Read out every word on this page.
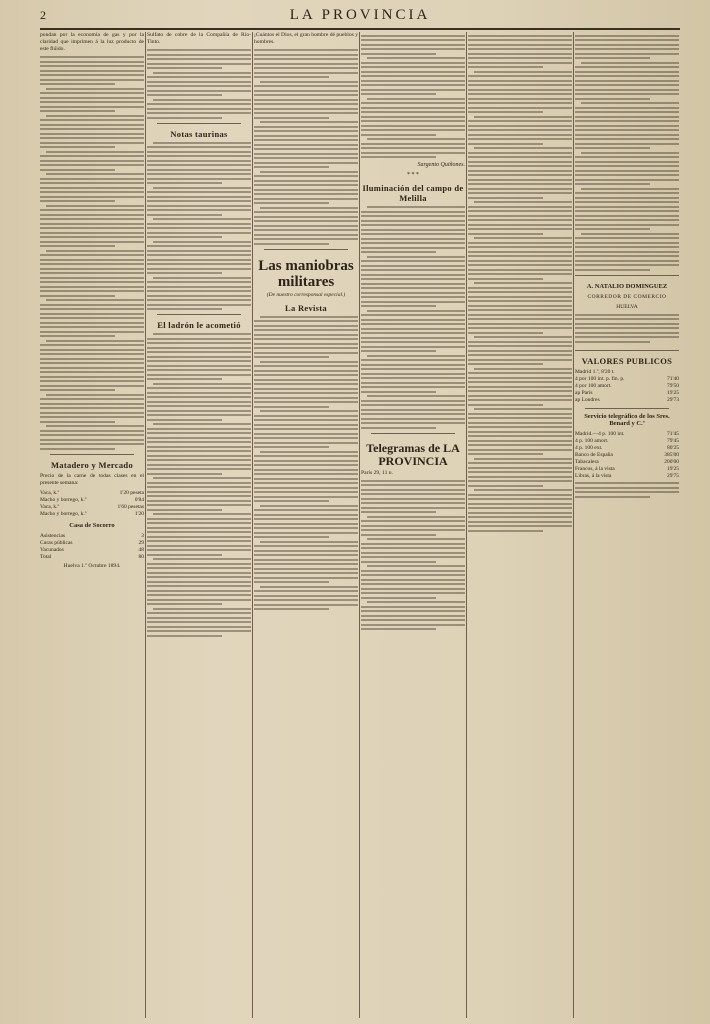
2	LA PROVINCIA

pondan por la economía de gas y por la claridad que imprimen á la luz producto de este flúido.

Matadero y Mercado

Precio de la carne de todas clases en el presente semana:

Vaca, k.º	1'20 peseta
Macho y borrego, k.º	0'84
Vaca, k.º	1'60 pesetas
Macho y borrego, k.º	1'20
Casa de Socorro
Asistencias	3
Curas públicas	29
Vacunados	48
Total	80
Huelva 1.º Octubre 1894.

Sulfato de cobre de la Compañía de Río-Tinto.

Notas taurinas
El ladrón le acometió

¡Cuántos el Dios, el gran hombre dé pueblos y hombres.

Las maniobras militares
(De nuestro corresponsal especial.)
La Revista
Sargento Quiñones.
* * *
Iluminación del campo de Melilla
Telegramas de LA PROVINCIA

París 29, 11 n.

A. NATALIO DOMINGUEZ
CORREDOR DE COMERCIO
HUELVA
VALORES PUBLICOS
Madrid 1.º, 8'20 t.	
4 por 100 int. p. fin. p.	71'40
4 por 100 amort.	79'50
ap París	19'25
ap Londres	29'73
Servicio telegráfico de los Sres. Benard y C.ª
Madrid.—4 p. 100 int.	71'45
4 p. 100 amort.	79'45
4 p. 100 ext.	80'25
Banco de España	385'00
Tabacalera	200'00
Francos, á la vista	19'25
Libras, á la vista	29'75
